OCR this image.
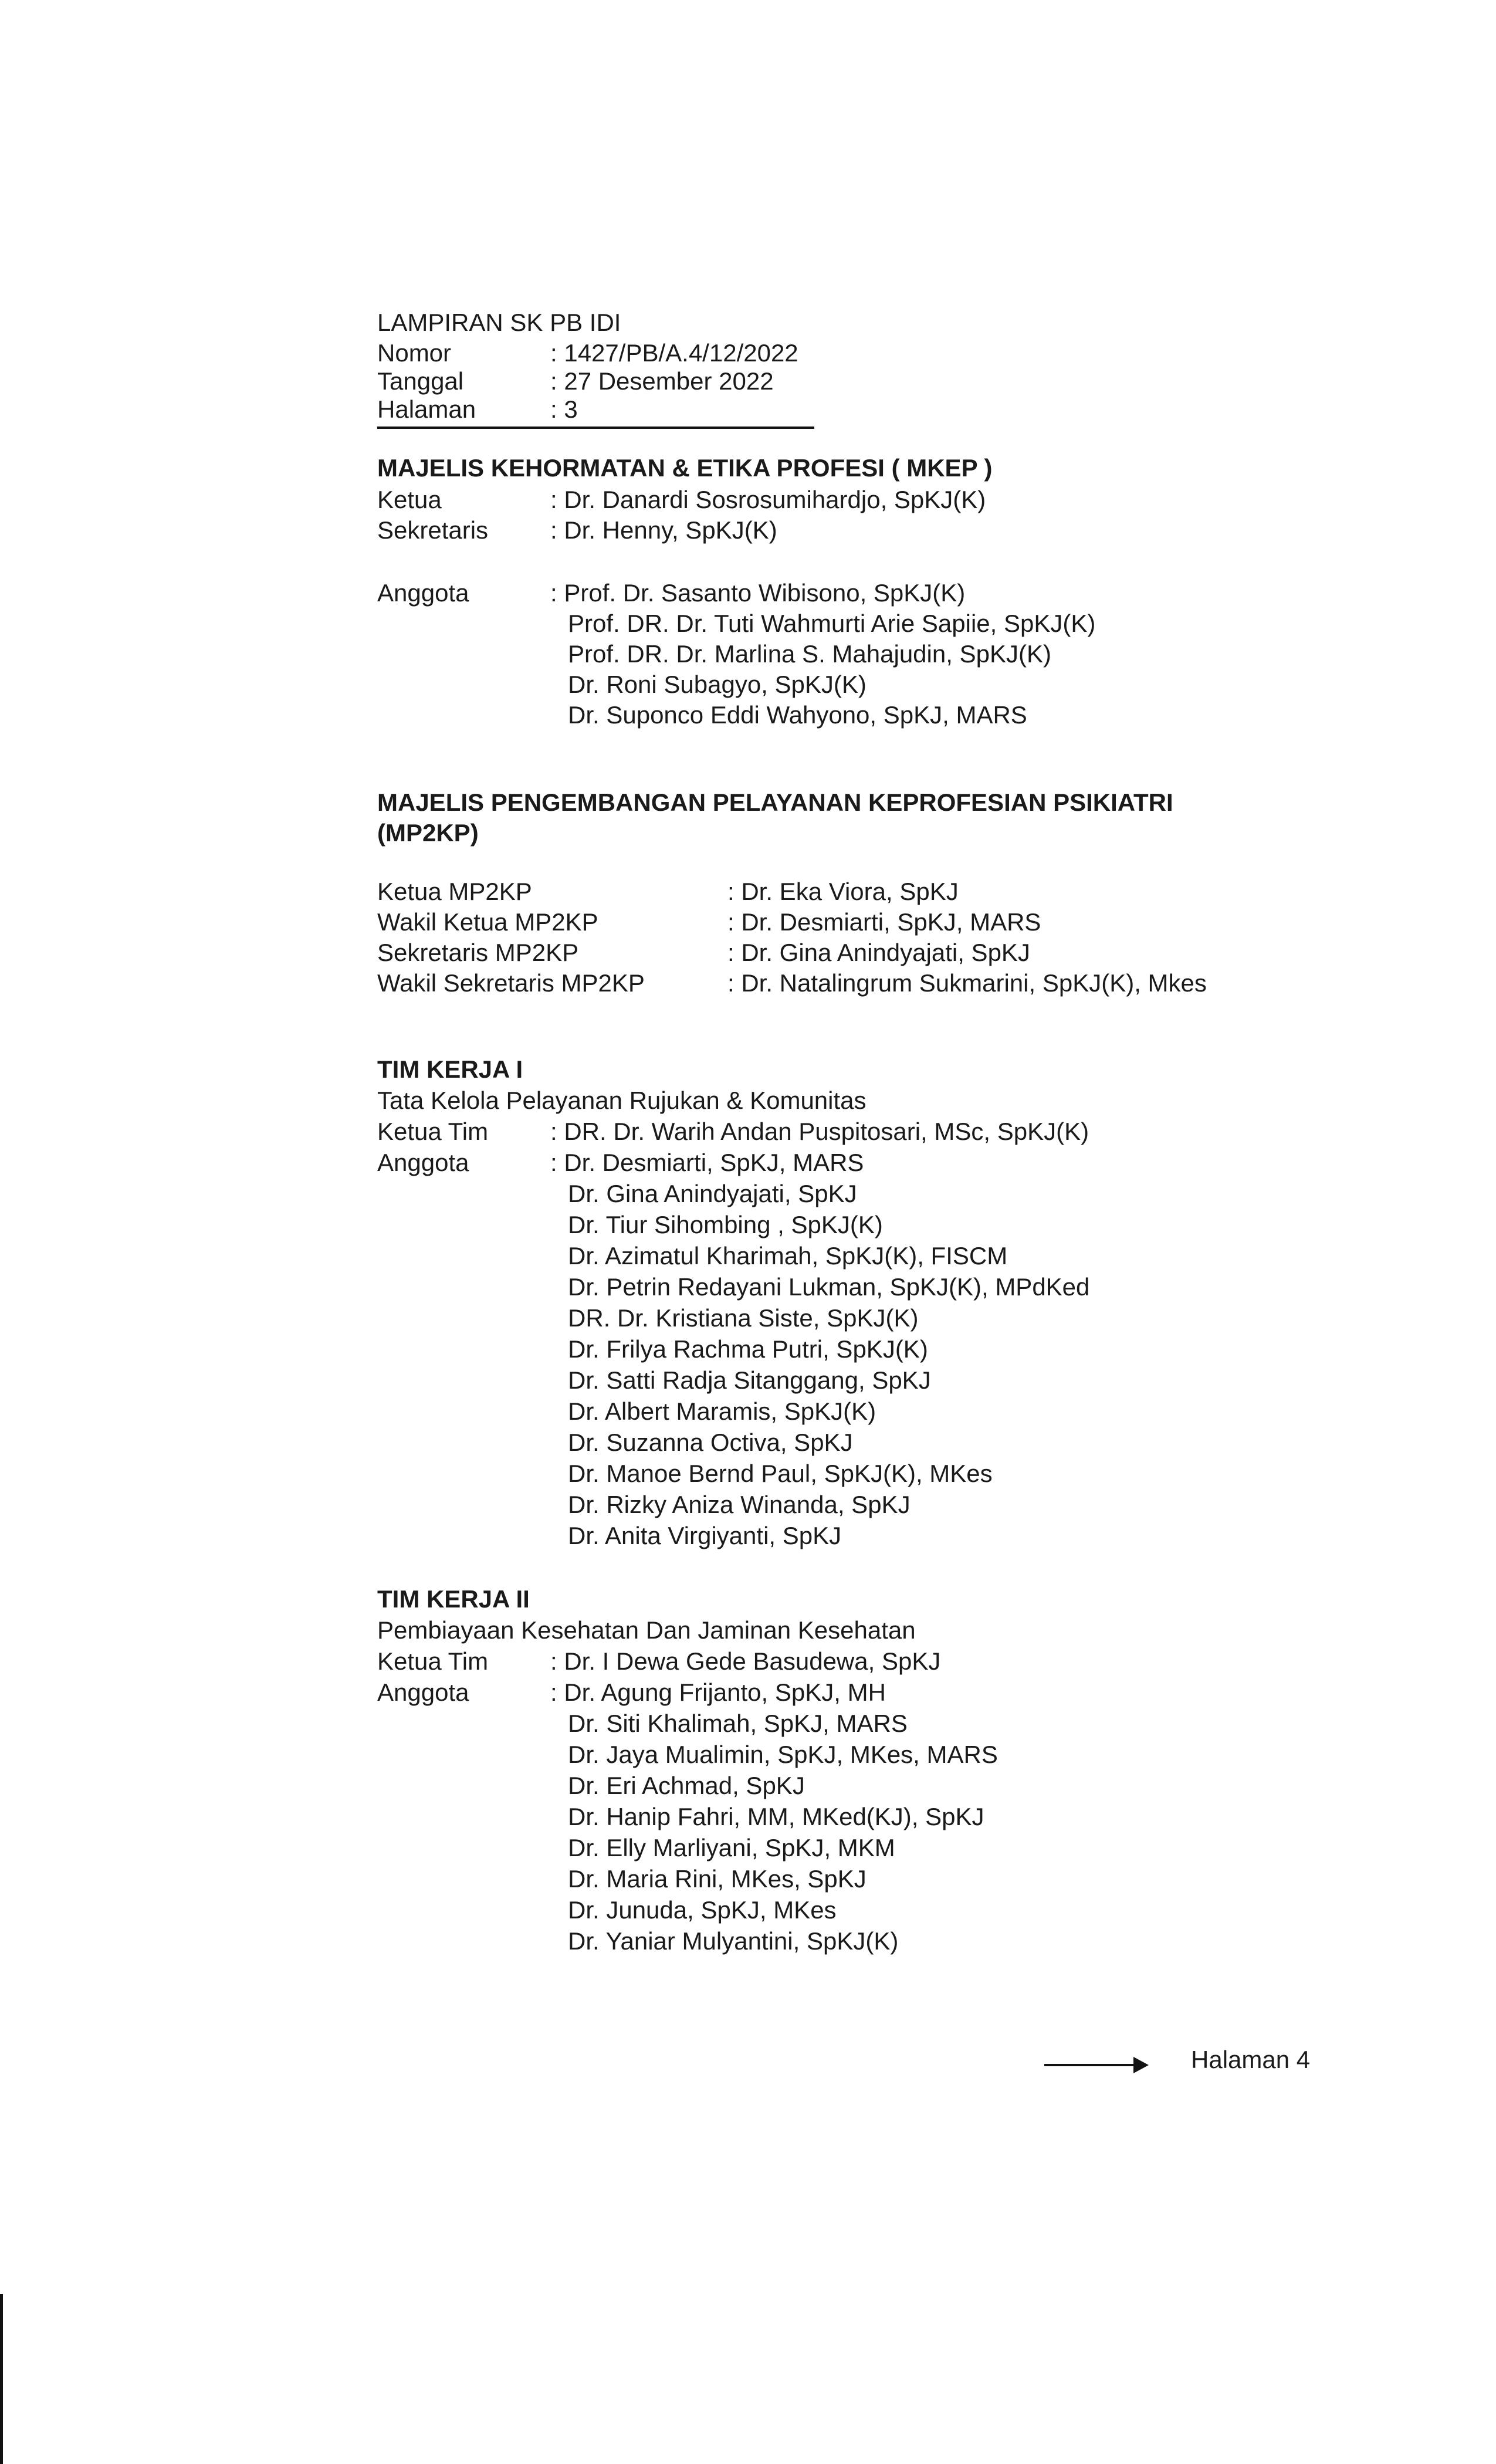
LAMPIRAN SK PB IDI
Nomor	: 1427/PB/A.4/12/2022
Tanggal	: 27 Desember 2022
Halaman	: 3
MAJELIS KEHORMATAN & ETIKA PROFESI ( MKEP )
Ketua	: Dr. Danardi Sosrosumihardjo, SpKJ(K)
Sekretaris	: Dr. Henny, SpKJ(K)
Anggota	: Prof. Dr. Sasanto Wibisono, SpKJ(K)
Prof. DR. Dr. Tuti Wahmurti Arie Sapiie, SpKJ(K)
Prof. DR. Dr. Marlina S. Mahajudin, SpKJ(K)
Dr. Roni Subagyo, SpKJ(K)
Dr. Suponco Eddi Wahyono, SpKJ, MARS
MAJELIS PENGEMBANGAN PELAYANAN KEPROFESIAN PSIKIATRI
(MP2KP)
Ketua MP2KP	: Dr. Eka Viora, SpKJ
Wakil Ketua MP2KP	: Dr. Desmiarti, SpKJ, MARS
Sekretaris MP2KP	: Dr. Gina Anindyajati, SpKJ
Wakil Sekretaris MP2KP	: Dr. Natalingrum Sukmarini, SpKJ(K), Mkes
TIM KERJA I
Tata Kelola Pelayanan Rujukan & Komunitas
Ketua Tim	: DR. Dr. Warih Andan Puspitosari, MSc, SpKJ(K)
Anggota	: Dr. Desmiarti, SpKJ, MARS
Dr. Gina Anindyajati, SpKJ
Dr. Tiur Sihombing , SpKJ(K)
Dr. Azimatul Kharimah, SpKJ(K), FISCM
Dr. Petrin Redayani Lukman, SpKJ(K), MPdKed
DR. Dr. Kristiana Siste, SpKJ(K)
Dr. Frilya Rachma Putri, SpKJ(K)
Dr. Satti Radja Sitanggang, SpKJ
Dr. Albert Maramis, SpKJ(K)
Dr. Suzanna Octiva, SpKJ
Dr. Manoe Bernd Paul, SpKJ(K), MKes
Dr. Rizky Aniza Winanda, SpKJ
Dr. Anita Virgiyanti, SpKJ
TIM KERJA II
Pembiayaan Kesehatan Dan Jaminan Kesehatan
Ketua Tim	: Dr. I Dewa Gede Basudewa, SpKJ
Anggota	: Dr. Agung Frijanto, SpKJ, MH
Dr. Siti Khalimah, SpKJ, MARS
Dr. Jaya Mualimin, SpKJ, MKes, MARS
Dr. Eri Achmad, SpKJ
Dr. Hanip Fahri, MM, MKed(KJ), SpKJ
Dr. Elly Marliyani, SpKJ, MKM
Dr. Maria Rini, MKes, SpKJ
Dr. Junuda, SpKJ, MKes
Dr. Yaniar Mulyantini, SpKJ(K)
Halaman 4
